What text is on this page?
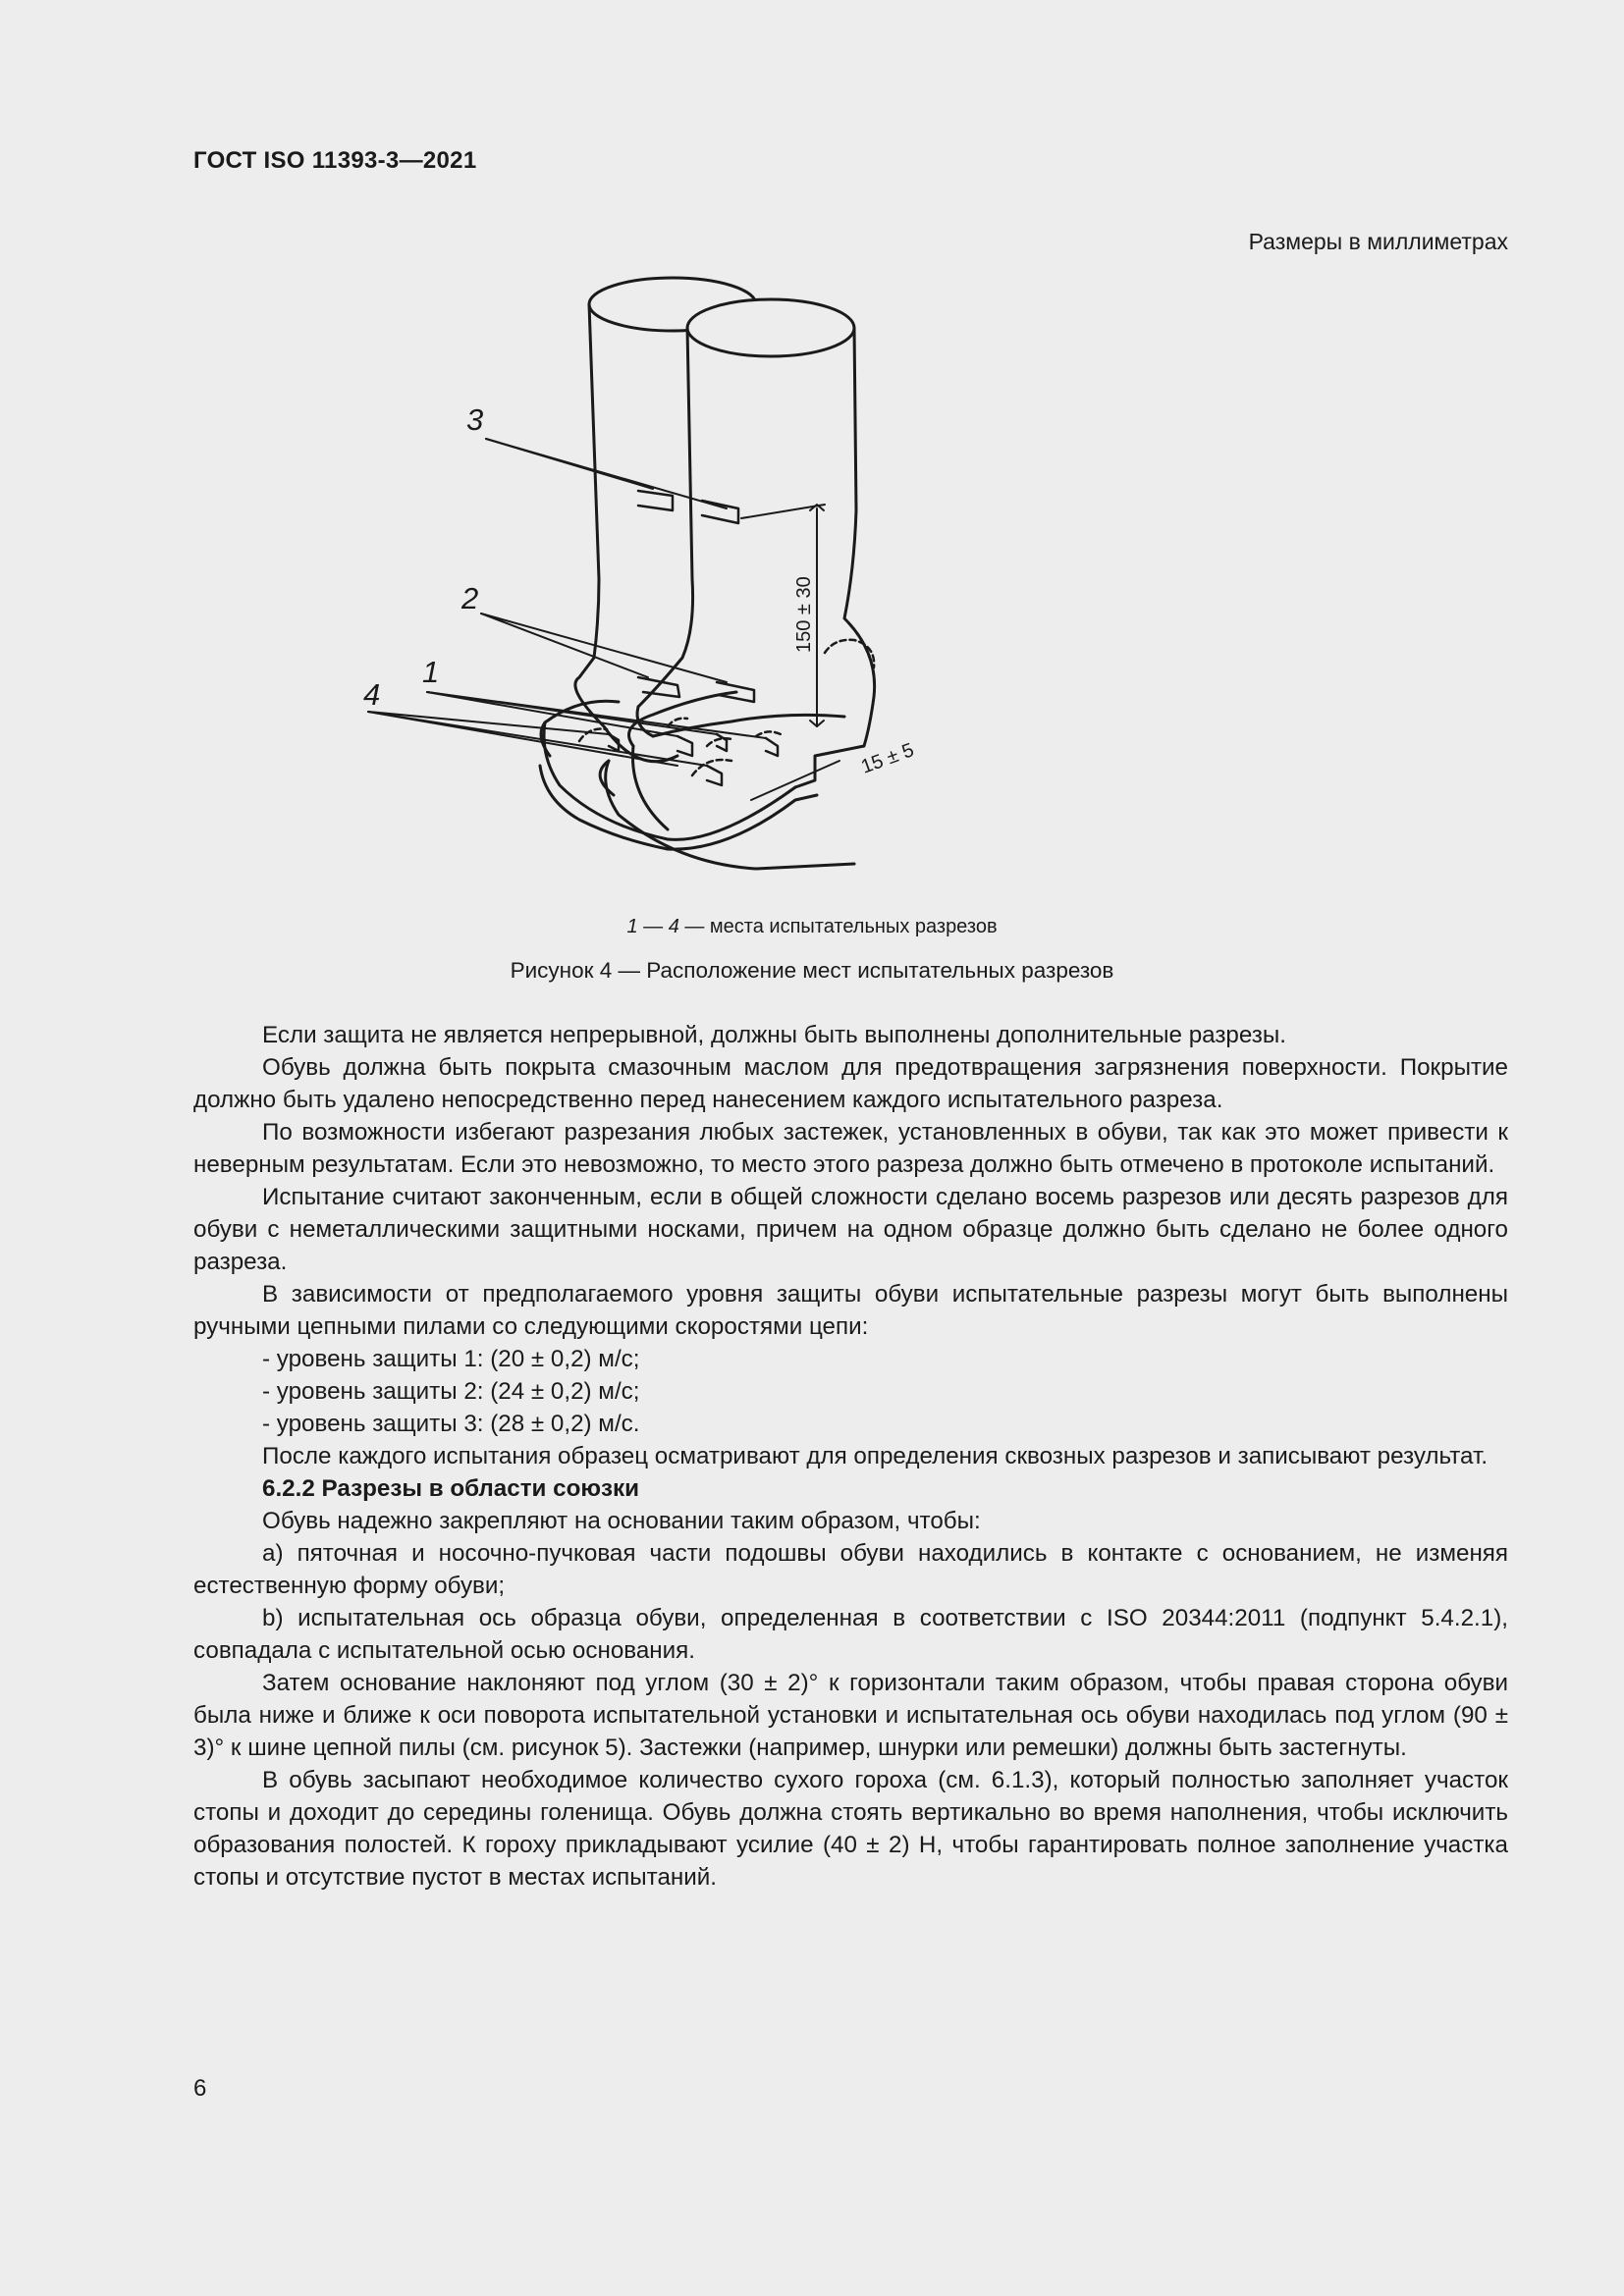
ГОСТ ISO 11393-3—2021
Размеры в миллиметрах
3
2
1
4
150 ± 30
15 ± 5
1 — 4 — места испытательных разрезов
Рисунок 4 — Расположение мест испытательных разрезов

Если защита не является непрерывной, должны быть выполнены дополнительные разрезы.

Обувь должна быть покрыта смазочным маслом для предотвращения загрязнения поверхности. Покрытие должно быть удалено непосредственно перед нанесением каждого испытательного разреза.

По возможности избегают разрезания любых застежек, установленных в обуви, так как это может привести к неверным результатам. Если это невозможно, то место этого разреза должно быть отмечено в протоколе испытаний.

Испытание считают законченным, если в общей сложности сделано восемь разрезов или десять разрезов для обуви с неметаллическими защитными носками, причем на одном образце должно быть сделано не более одного разреза.

В зависимости от предполагаемого уровня защиты обуви испытательные разрезы могут быть выполнены ручными цепными пилами со следующими скоростями цепи:

- уровень защиты 1: (20 ± 0,2) м/с;

- уровень защиты 2: (24 ± 0,2) м/с;

- уровень защиты 3: (28 ± 0,2) м/с.

После каждого испытания образец осматривают для определения сквозных разрезов и записывают результат.

6.2.2 Разрезы в области союзки

Обувь надежно закрепляют на основании таким образом, чтобы:

a) пяточная и носочно-пучковая части подошвы обуви находились в контакте с основанием, не изменяя естественную форму обуви;

b) испытательная ось образца обуви, определенная в соответствии с ISO 20344:2011 (подпункт 5.4.2.1), совпадала с испытательной осью основания.

Затем основание наклоняют под углом (30 ± 2)° к горизонтали таким образом, чтобы правая сторона обуви была ниже и ближе к оси поворота испытательной установки и испытательная ось обуви находилась под углом (90 ± 3)° к шине цепной пилы (см. рисунок 5). Застежки (например, шнурки или ремешки) должны быть застегнуты.

В обувь засыпают необходимое количество сухого гороха (см. 6.1.3), который полностью заполняет участок стопы и доходит до середины голенища. Обувь должна стоять вертикально во время наполнения, чтобы исключить образования полостей. К гороху прикладывают усилие (40 ± 2) Н, чтобы гарантировать полное заполнение участка стопы и отсутствие пустот в местах испытаний.

6
